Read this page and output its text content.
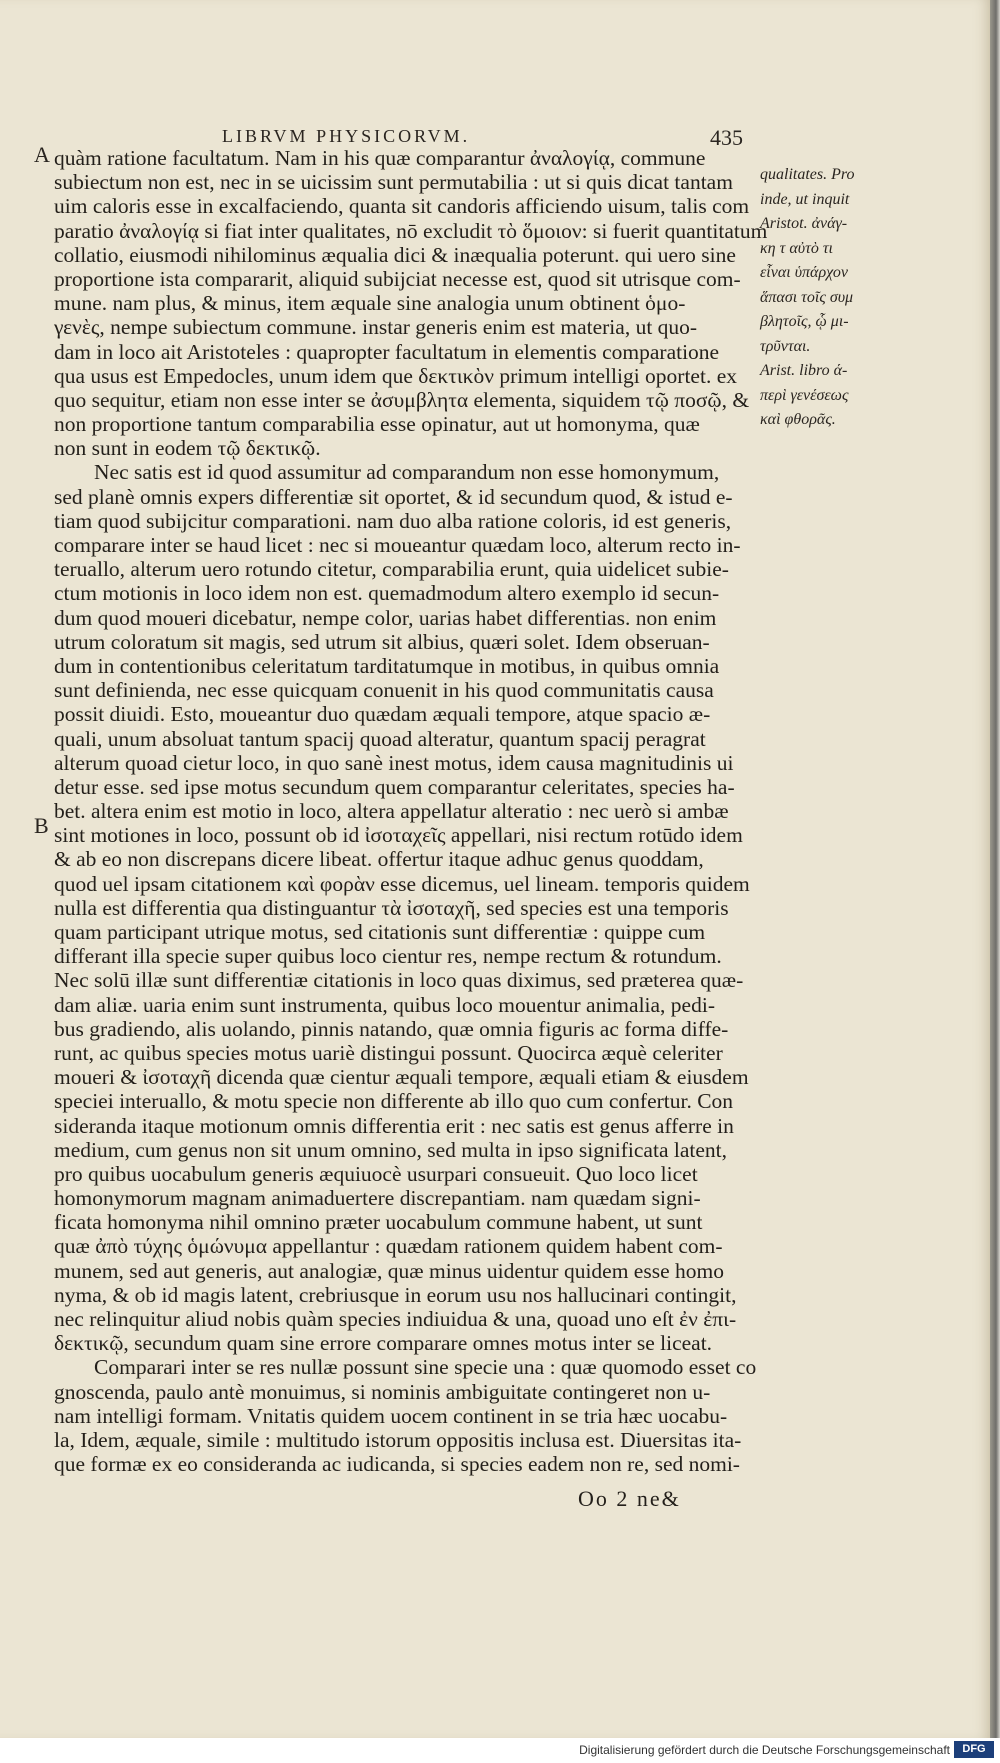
A
LIBRVM PHYSICORVM.	435
B
quàm ratione facultatum. Nam in his quæ comparantur ἀναλογίᾳ, commune
subiectum non est, nec in se uicissim sunt permutabilia : ut si quis dicat tantam
uim caloris esse in excalfaciendo, quanta sit candoris afficiendo uisum, talis com
paratio ἀναλογίᾳ si fiat inter qualitates, nō excludit τὸ ὅμοιον: si fuerit quantitatum
collatio, eiusmodi nihilominus æqualia dici & inæqualia poterunt. qui uero sine
proportione ista compararit, aliquid subijciat necesse est, quod sit utrisque com-
mune. nam plus, & minus, item æquale sine analogia unum obtinent ὁμο-
γενὲς, nempe subiectum commune. instar generis enim est materia, ut quo-
dam in loco ait Aristoteles : quapropter facultatum in elementis comparatione
qua usus est Empedocles, unum idem que δεκτικὸν primum intelligi oportet. ex
quo sequitur, etiam non esse inter se ἀσυμβλητα elementa, siquidem τῷ ποσῷ, &
non proportione tantum comparabilia esse opinatur, aut ut homonyma, quæ
non sunt in eodem τῷ δεκτικῷ.
Nec satis est id quod assumitur ad comparandum non esse homonymum,
sed planè omnis expers differentiæ sit oportet, & id secundum quod, & istud e-
tiam quod subijcitur comparationi. nam duo alba ratione coloris, id est generis,
comparare inter se haud licet : nec si moueantur quædam loco, alterum recto in-
teruallo, alterum uero rotundo citetur, comparabilia erunt, quia uidelicet subie-
ctum motionis in loco idem non est. quemadmodum altero exemplo id secun-
dum quod moueri dicebatur, nempe color, uarias habet differentias. non enim
utrum coloratum sit magis, sed utrum sit albius, quæri solet. Idem obseruan-
dum in contentionibus celeritatum tarditatumque in motibus, in quibus omnia
sunt definienda, nec esse quicquam conuenit in his quod communitatis causa
possit diuidi. Esto, moueantur duo quædam æquali tempore, atque spacio æ-
quali, unum absoluat tantum spacij quoad alteratur, quantum spacij peragrat
alterum quoad cietur loco, in quo sanè inest motus, idem causa magnitudinis ui
detur esse. sed ipse motus secundum quem comparantur celeritates, species ha-
bet. altera enim est motio in loco, altera appellatur alteratio : nec uerò si ambæ
sint motiones in loco, possunt ob id ἰσοταχεῖς appellari, nisi rectum rotūdo idem
& ab eo non discrepans dicere libeat. offertur itaque adhuc genus quoddam,
quod uel ipsam citationem καὶ φορὰν esse dicemus, uel lineam. temporis quidem
nulla est differentia qua distinguantur τὰ ἰσοταχῆ, sed species est una temporis
quam participant utrique motus, sed citationis sunt differentiæ : quippe cum
differant illa specie super quibus loco cientur res, nempe rectum & rotundum.
Nec solū illæ sunt differentiæ citationis in loco quas diximus, sed præterea quæ-
dam aliæ. uaria enim sunt instrumenta, quibus loco mouentur animalia, pedi-
bus gradiendo, alis uolando, pinnis natando, quæ omnia figuris ac forma diffe-
runt, ac quibus species motus uariè distingui possunt. Quocirca æquè celeriter
moueri & ἰσοταχῆ dicenda quæ cientur æquali tempore, æquali etiam & eiusdem
speciei interuallo, & motu specie non differente ab illo quo cum confertur. Con
sideranda itaque motionum omnis differentia erit : nec satis est genus afferre in
medium, cum genus non sit unum omnino, sed multa in ipso significata latent,
pro quibus uocabulum generis æquiuocè usurpari consueuit. Quo loco licet
homonymorum magnam animaduertere discrepantiam. nam quædam signi-
ficata homonyma nihil omnino præter uocabulum commune habent, ut sunt
quæ ἀπὸ τύχης ὁμώνυμα appellantur : quædam rationem quidem habent com-
munem, sed aut generis, aut analogiæ, quæ minus uidentur quidem esse homo
nyma, & ob id magis latent, crebriusque in eorum usu nos hallucinari contingit,
nec relinquitur aliud nobis quàm species indiuidua & una, quoad uno eſt ἐν ἐπι-
δεκτικῷ, secundum quam sine errore comparare omnes motus inter se liceat.
Comparari inter se res nullæ possunt sine specie una : quæ quomodo esset co
gnoscenda, paulo antè monuimus, si nominis ambiguitate contingeret non u-
nam intelligi formam. Vnitatis quidem uocem continent in se tria hæc uocabu-
la, Idem, æquale, simile : multitudo istorum oppositis inclusa est. Diuersitas ita-
que formæ ex eo consideranda ac iudicanda, si species eadem non re, sed nomi-
qualitates. Pro
inde, ut inquit
Aristot. ἀνάγ-
κη τ αὐτὸ τι
εἶναι ὑπάρχον
ἅπασι τοῖς συμ
βλητοῖς, ᾧ μι-
τρῦνται.
Arist. libro ά-
περὶ γενέσεως
καὶ φθορᾶς.
Oo 2 ne&
Digitalisierung gefördert durch die Deutsche Forschungsgemeinschaft	DFG
